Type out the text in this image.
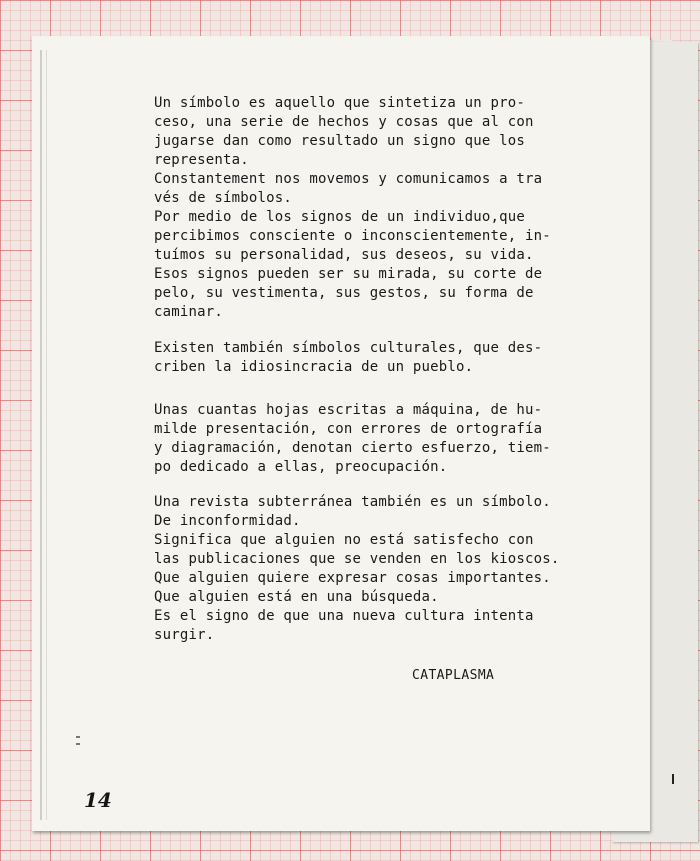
Un símbolo es aquello que sintetiza un pro-
ceso, una serie de hechos y cosas que al con
jugarse dan como resultado un signo que los
representa.
Constantement nos movemos y comunicamos a tra
vés de símbolos.
Por medio de los signos de un individuo,que
percibimos consciente o inconscientemente, in-
tuímos su personalidad, sus deseos, su vida.
Esos signos pueden ser su mirada, su corte de
pelo, su vestimenta, sus gestos, su forma de
caminar.
Existen también símbolos culturales, que des-
criben la idiosincracia de un pueblo.
Unas cuantas hojas escritas a máquina, de hu-
milde presentación, con errores de ortografía
y diagramación, denotan cierto esfuerzo, tiem-
po dedicado a ellas, preocupación.
Una revista subterránea también es un símbolo.
De inconformidad.
Significa que alguien no está satisfecho con
las publicaciones que se venden en los kioscos.
Que alguien quiere expresar cosas importantes.
Que alguien está en una búsqueda.
Es el signo de que una nueva cultura intenta
surgir.
CATAPLASMA
14
